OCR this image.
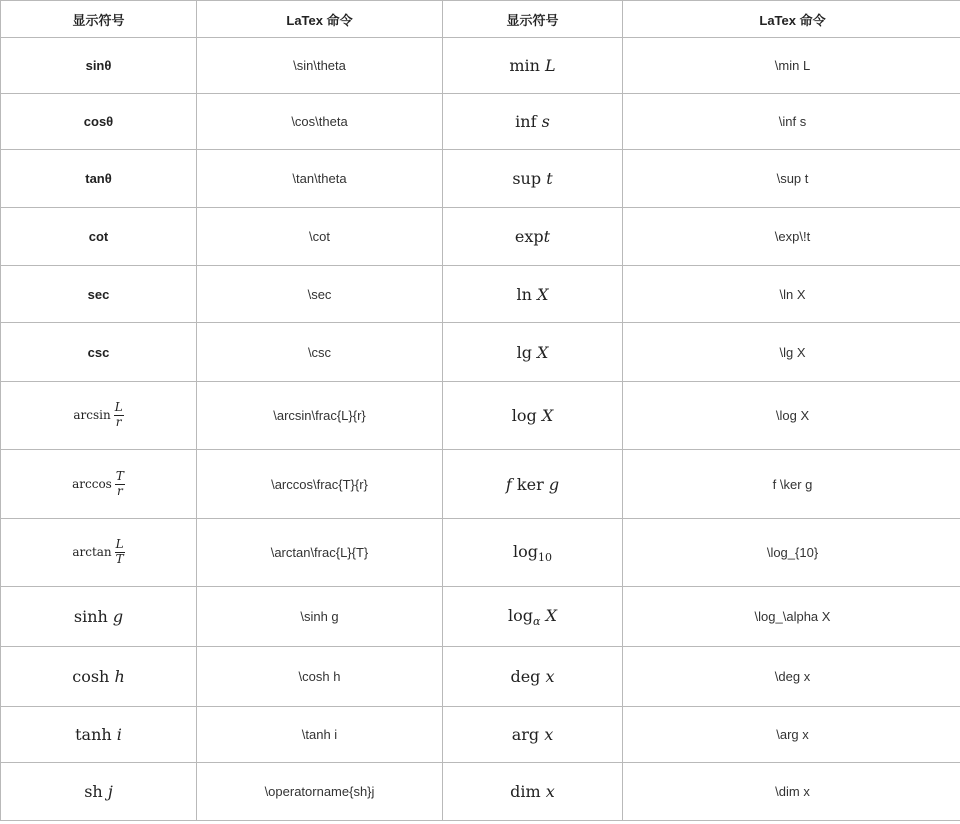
显示符号	LaTex 命令	显示符号	LaTex 命令
sinθ	\sin\theta	min L	\min L
cosθ	\cos\theta	inf s	\inf s
tanθ	\tan\theta	sup t	\sup t
cot	\cot	expt	\exp\!t
sec	\sec	ln X	\ln X
csc	\csc	lg X	\lg X
$\arcsin \frac{L}{r}$	\arcsin\frac{L}{r}	log X	\log X
$\arccos \frac{T}{r}$	\arccos\frac{T}{r}	f ker g	f \ker g
$\arctan \frac{L}{T}$	\arctan\frac{L}{T}	$\log_{10}$	\log_{10}
sinh g	\sinh g	$\log_\alpha X$	\log_\alpha X
cosh h	\cosh h	deg x	\deg x
tanh i	\tanh i	arg x	\arg x
sh j	\operatorname{sh}j	dim x	\dim x
